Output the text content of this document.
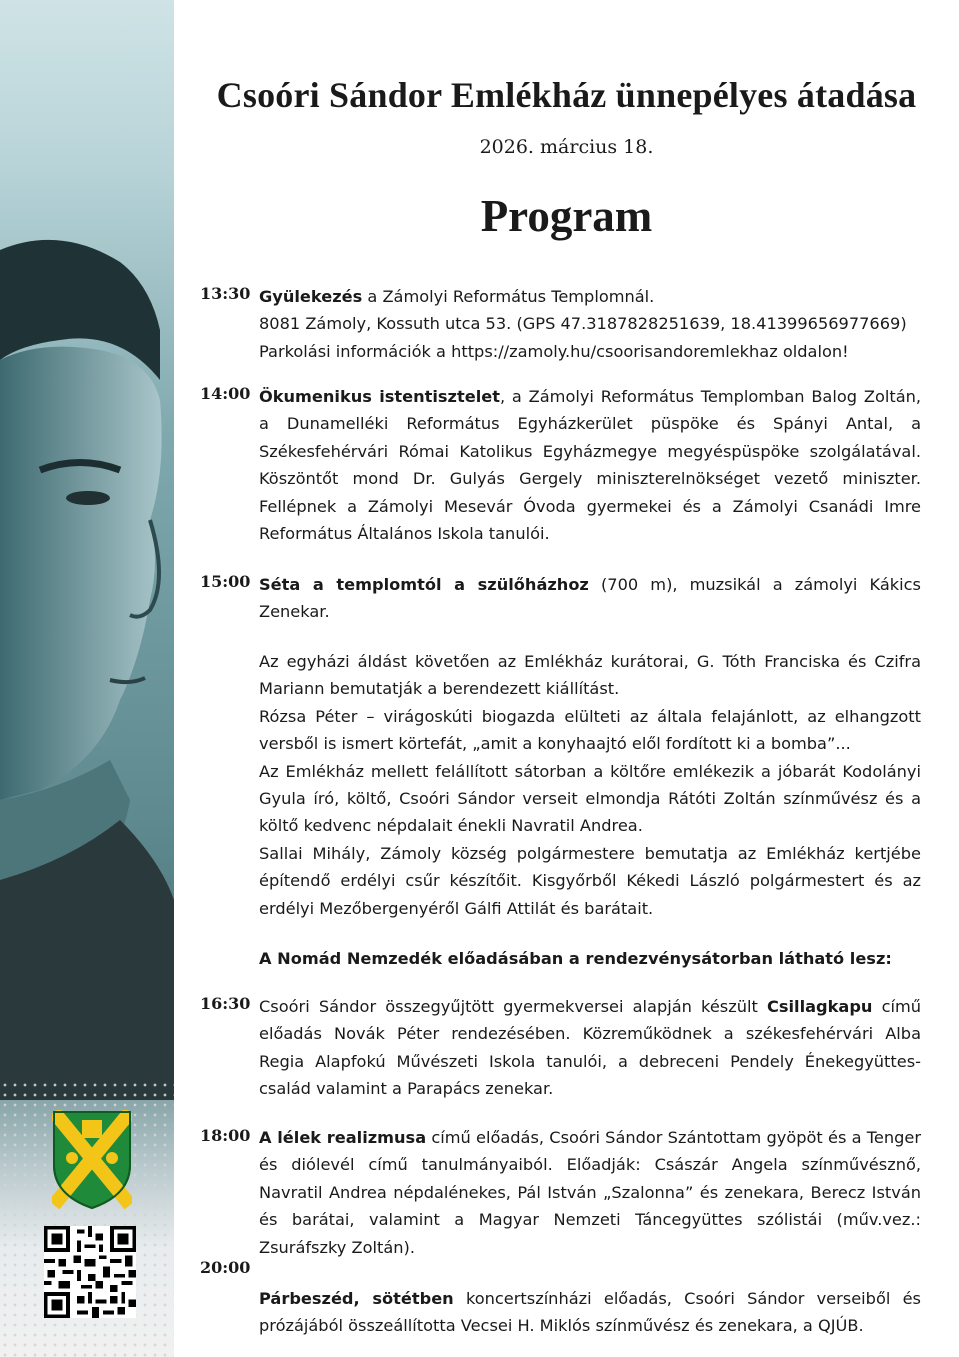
Csoóri Sándor Emlékház ünnepélyes átadása
2026. március 18.
Program
13:30 Gyülekezés a Zámolyi Református Templomnál.
8081 Zámoly, Kossuth utca 53. (GPS 47.3187828251639, 18.41399656977669)
Parkolási információk a https://zamoly.hu/csoorisandoremlekhaz oldalon!
14:00 Ökumenikus istentisztelet, a Zámolyi Református Templomban Balog Zoltán, a Dunamelléki Református Egyházkerület püspöke és Spányi Antal, a Székesfehérvári Római Katolikus Egyházmegye megyéspüspöke szolgálatával. Köszöntőt mond Dr. Gulyás Gergely miniszterelnökséget vezető miniszter. Fellépnek a Zámolyi Mesevár Óvoda gyermekei és a Zámolyi Csanádi Imre Református Általános Iskola tanulói.
15:00 Séta a templomtól a szülőházhoz (700 m), muzsikál a zámolyi Kákics Zenekar.
Az egyházi áldást követően az Emlékház kurátorai, G. Tóth Franciska és Czifra Mariann bemutatják a berendezett kiállítást.
Rózsa Péter – virágoskúti biogazda elülteti az általa felajánlott, az elhangzott versből is ismert körtefát, „amit a konyhaajtó elől fordított ki a bomba”...
Az Emlékház mellett felállított sátorban a költőre emlékezik a jóbarát Kodolányi Gyula író, költő, Csoóri Sándor verseit elmondja Rátóti Zoltán színművész és a költő kedvenc népdalait énekli Navratil Andrea.
Sallai Mihály, Zámoly község polgármestere bemutatja az Emlékház kertjébe építendő erdélyi csűr készítőit. Kisgyőrből Kékedi László polgármestert és az erdélyi Mezőbergenyéről Gálfi Attilát és barátait.
A Nomád Nemzedék előadásában a rendezvénysátorban látható lesz:
16:30 Csoóri Sándor összegyűjtött gyermekversei alapján készült Csillagkapu című előadás Novák Péter rendezésében. Közreműködnek a székesfehérvári Alba Regia Alapfokú Művészeti Iskola tanulói, a debreceni Pendely Énekegyüttes-család valamint a Parapács zenekar.
18:00 A lélek realizmusa című előadás, Csoóri Sándor Szántottam gyöpöt és a Tenger és diólevél című tanulmányaiból. Előadják: Császár Angela színművésznő, Navratil Andrea népdalénekes, Pál István „Szalonna” és zenekara, Berecz István és barátai, valamint a Magyar Nemzeti Táncegyüttes szólistái (műv.vez.: Zsuráfszky Zoltán).
20:00
Párbeszéd, sötétben koncertszínházi előadás, Csoóri Sándor verseiből és prózájából összeállította Vecsei H. Miklós színművész és zenekara, a QJÚB.
